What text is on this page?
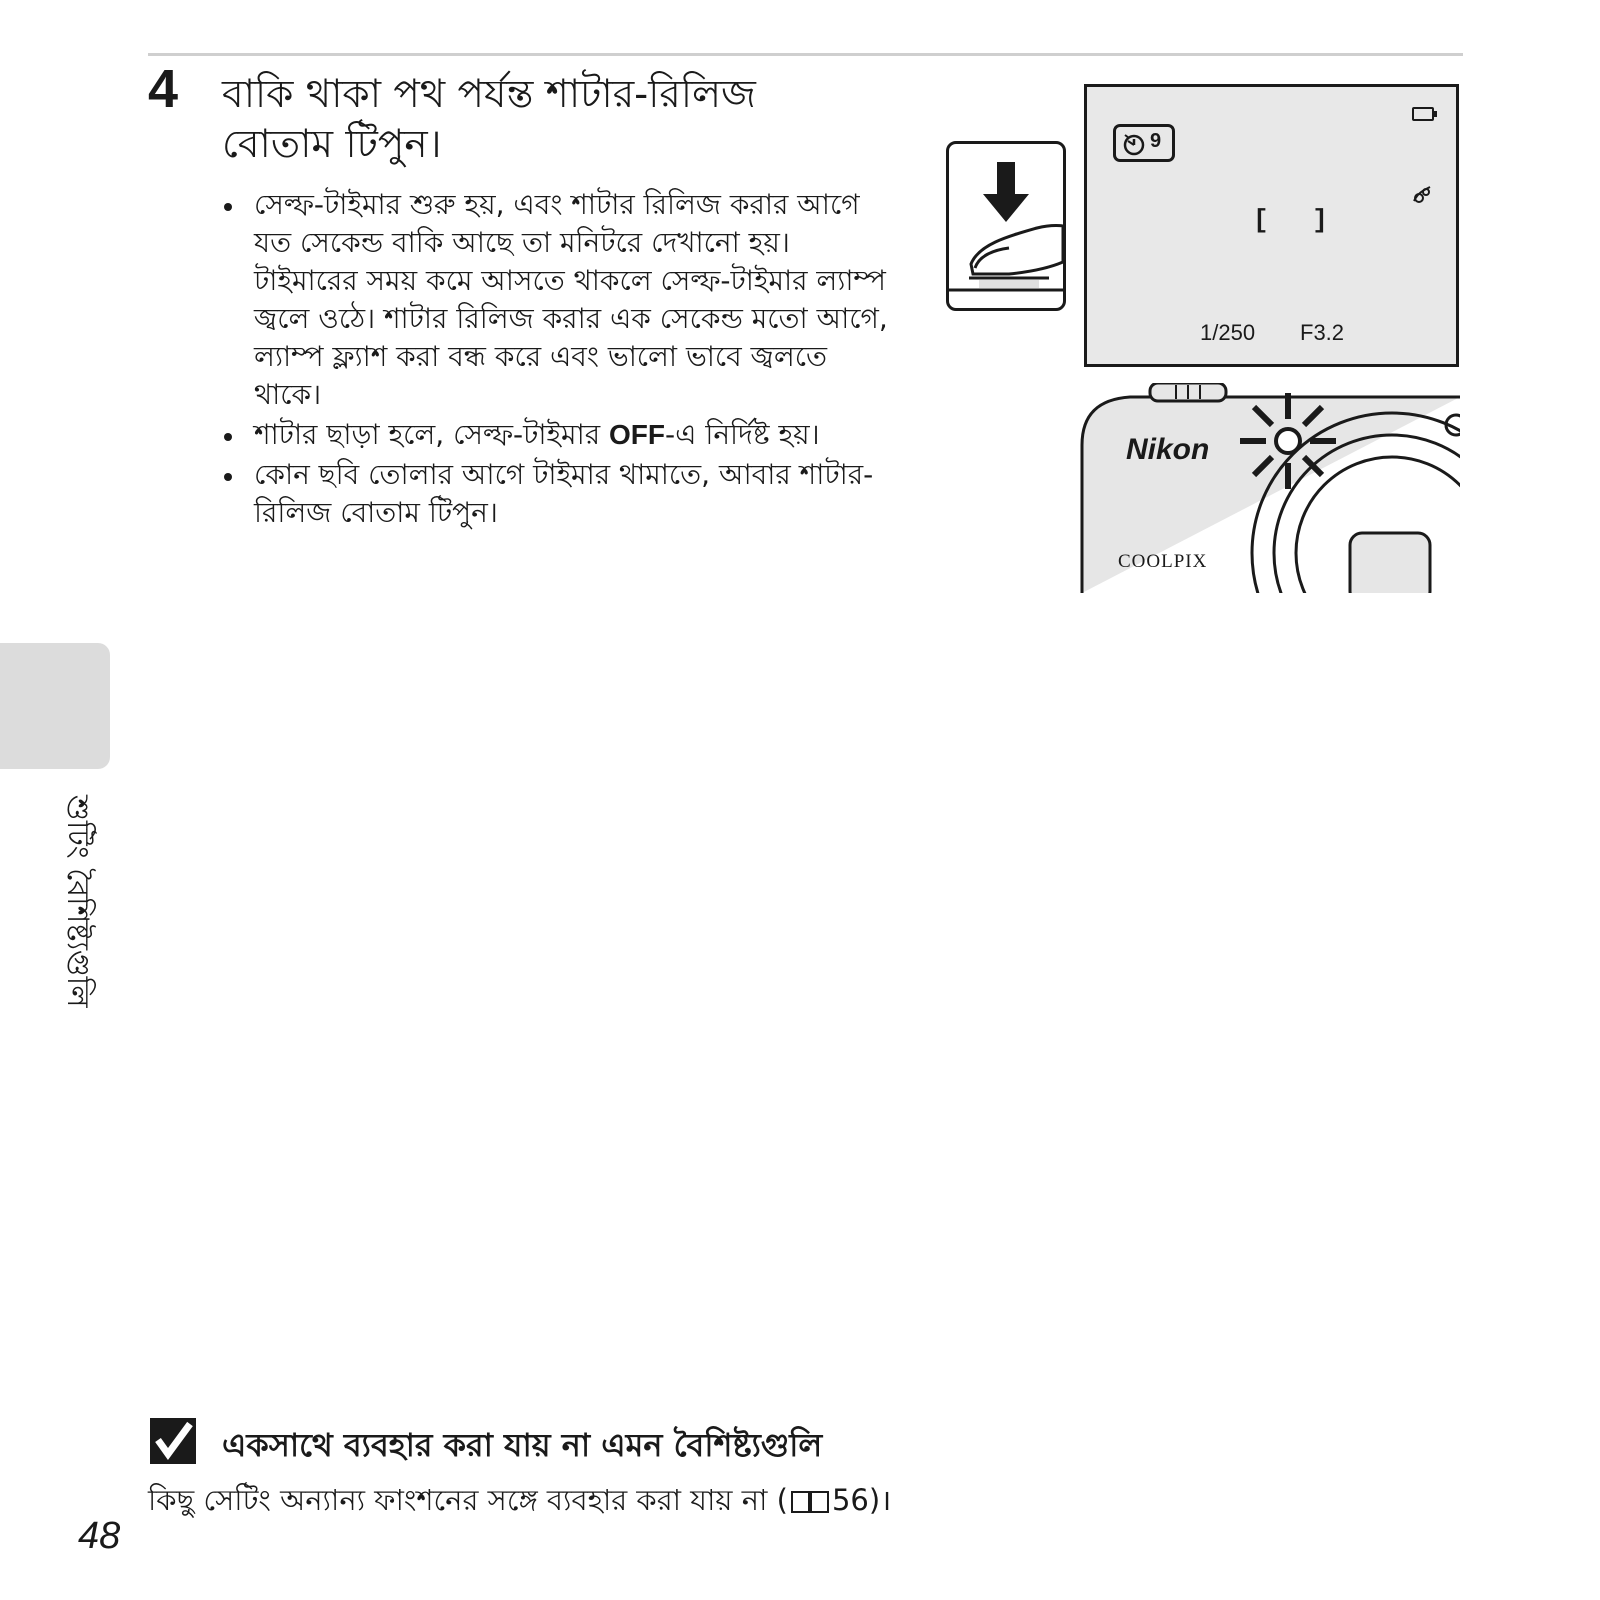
4 বাকি থাকা পথ পর্যন্ত শাটার-রিলিজ বোতাম টিপুন।
সেল্ফ-টাইমার শুরু হয়, এবং শাটার রিলিজ করার আগে যত সেকেন্ড বাকি আছে তা মনিটরে দেখানো হয়। টাইমারের সময় কমে আসতে থাকলে সেল্ফ-টাইমার ল্যাম্প জ্বলে ওঠে। শাটার রিলিজ করার এক সেকেন্ড মতো আগে, ল্যাম্প ফ্ল্যাশ করা বন্ধ করে এবং ভালো ভাবে জ্বলতে থাকে।
শাটার ছাড়া হলে, সেল্ফ-টাইমার OFF-এ নির্দিষ্ট হয়।
কোন ছবি তোলার আগে টাইমার থামাতে, আবার শাটার-রিলিজ বোতাম টিপুন।
9
[ ]
1/250 F3.2
Nikon
COOLPIX
শুটিং বৈশিষ্ট্যগুলি
একসাথে ব্যবহার করা যায় না এমন বৈশিষ্ট্যগুলি
কিছু সেটিং অন্যান্য ফাংশনের সঙ্গে ব্যবহার করা যায় না ( 56)।
48
